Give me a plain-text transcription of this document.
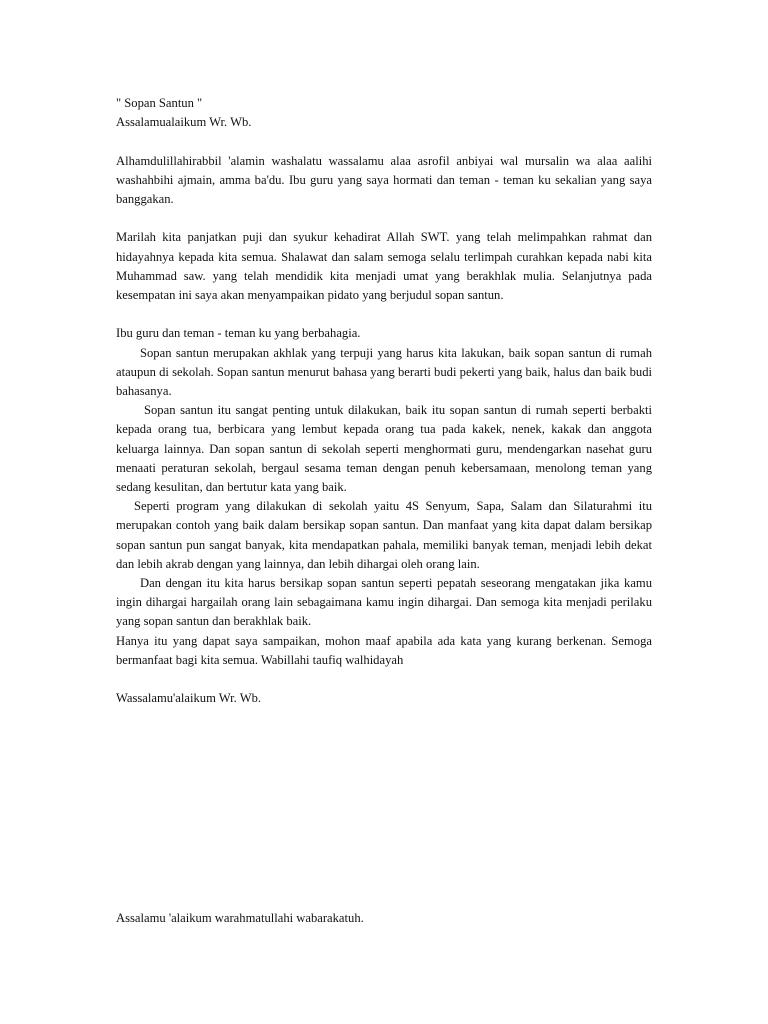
" Sopan Santun "
Assalamualaikum Wr. Wb.
Alhamdulillahirabbil 'alamin washalatu wassalamu alaa asrofil anbiyai wal mursalin wa alaa aalihi washahbihi ajmain, amma ba'du. Ibu guru yang saya hormati dan teman - teman ku sekalian yang saya banggakan.
Marilah kita panjatkan puji dan syukur kehadirat Allah SWT. yang telah melimpahkan rahmat dan hidayahnya kepada kita semua. Shalawat dan salam semoga selalu terlimpah curahkan kepada nabi kita Muhammad saw. yang telah mendidik kita menjadi umat yang berakhlak mulia. Selanjutnya pada kesempatan ini saya akan menyampaikan pidato yang berjudul sopan santun.
Ibu guru dan teman - teman ku yang berbahagia.
Sopan santun merupakan akhlak yang terpuji yang harus kita lakukan, baik sopan santun di rumah ataupun di sekolah. Sopan santun menurut bahasa yang berarti budi pekerti yang baik, halus dan baik budi bahasanya.
Sopan santun itu sangat penting untuk dilakukan, baik itu sopan santun di rumah seperti berbakti kepada orang tua, berbicara yang lembut kepada orang tua pada kakek, nenek, kakak dan anggota keluarga lainnya. Dan sopan santun di sekolah seperti menghormati guru, mendengarkan nasehat guru menaati peraturan sekolah, bergaul sesama teman dengan penuh kebersamaan, menolong teman yang sedang kesulitan, dan bertutur kata yang baik.
Seperti program yang dilakukan di sekolah yaitu 4S Senyum, Sapa, Salam dan Silaturahmi itu merupakan contoh yang baik dalam bersikap sopan santun. Dan manfaat yang kita dapat dalam bersikap sopan santun pun sangat banyak, kita mendapatkan pahala, memiliki banyak teman, menjadi lebih dekat dan lebih akrab dengan yang lainnya, dan lebih dihargai oleh orang lain.
Dan dengan itu kita harus bersikap sopan santun seperti pepatah seseorang mengatakan jika kamu ingin dihargai hargailah orang lain sebagaimana kamu ingin dihargai. Dan semoga kita menjadi perilaku yang sopan santun dan berakhlak baik.
Hanya itu yang dapat saya sampaikan, mohon maaf apabila ada kata yang kurang berkenan. Semoga bermanfaat bagi kita semua. Wabillahi taufiq walhidayah
Wassalamu'alaikum Wr. Wb.
Assalamu 'alaikum warahmatullahi wabarakatuh.
